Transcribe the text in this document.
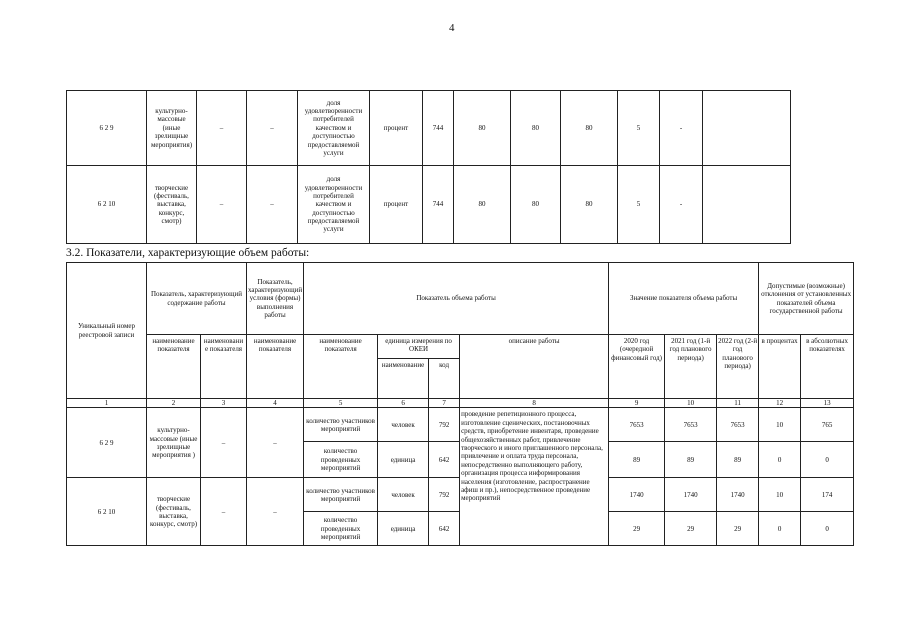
4
6 2 9	культурно-массовые (иные зрелищные мероприятия)	–	–	доля удовлетворенности потребителей качеством и доступностью предоставляемой услуги	процент	744	80	80	80	5	-	
6 2 10	творческие (фестиваль, выставка, конкурс, смотр)	–	–	доля удовлетворенности потребителей качеством и доступностью предоставляемой услуги	процент	744	80	80	80	5	-	
3.2. Показатели, характеризующие объем работы:
Уникальный номер реестровой записи	Показатель, характеризующий содержание работы		Показатель, характеризующий условия (формы) выполнения работы	Показатель объема работы				Значение показателя объема работы			Допустимые (возможные) отклонения от установленных показателей объема государственной работы	
	наименование показателя	наименовани е показателя	наименование показателя	наименование показателя	единица измерения по ОКЕИ		описание работы	2020 год (очередной финансовый год)	2021 год (1-й год планового периода)	2022 год (2-й год планового периода)	в процентах	в абсолютных показателях
					наименование	код						
1	2	3	4	5	6	7	8	9	10	11	12	13
6 2 9	культурно-массовые (иные зрелищные мероприятия )	–	–	количество участников мероприятий	человек	792	проведение репетиционного процесса, изготовление сценических, постановочных средств, приобретение инвентаря, проведение общехозяйственных работ, привлечение творческого и иного приглашенного персонала, привлечение и оплата труда персонала, непосредственно выполняющего работу, организация процесса информирования населения (изготовление, распространение афиш и пр.), непосредственное проведение мероприятий	7653	7653	7653	10	765
				количество проведенных мероприятий	единица	642		89	89	89	0	0
6 2 10	творческие (фестиваль, выставка, конкурс, смотр)	–	–	количество участников мероприятий	человек	792		1740	1740	1740	10	174
				количество проведенных мероприятий	единица	642		29	29	29	0	0
